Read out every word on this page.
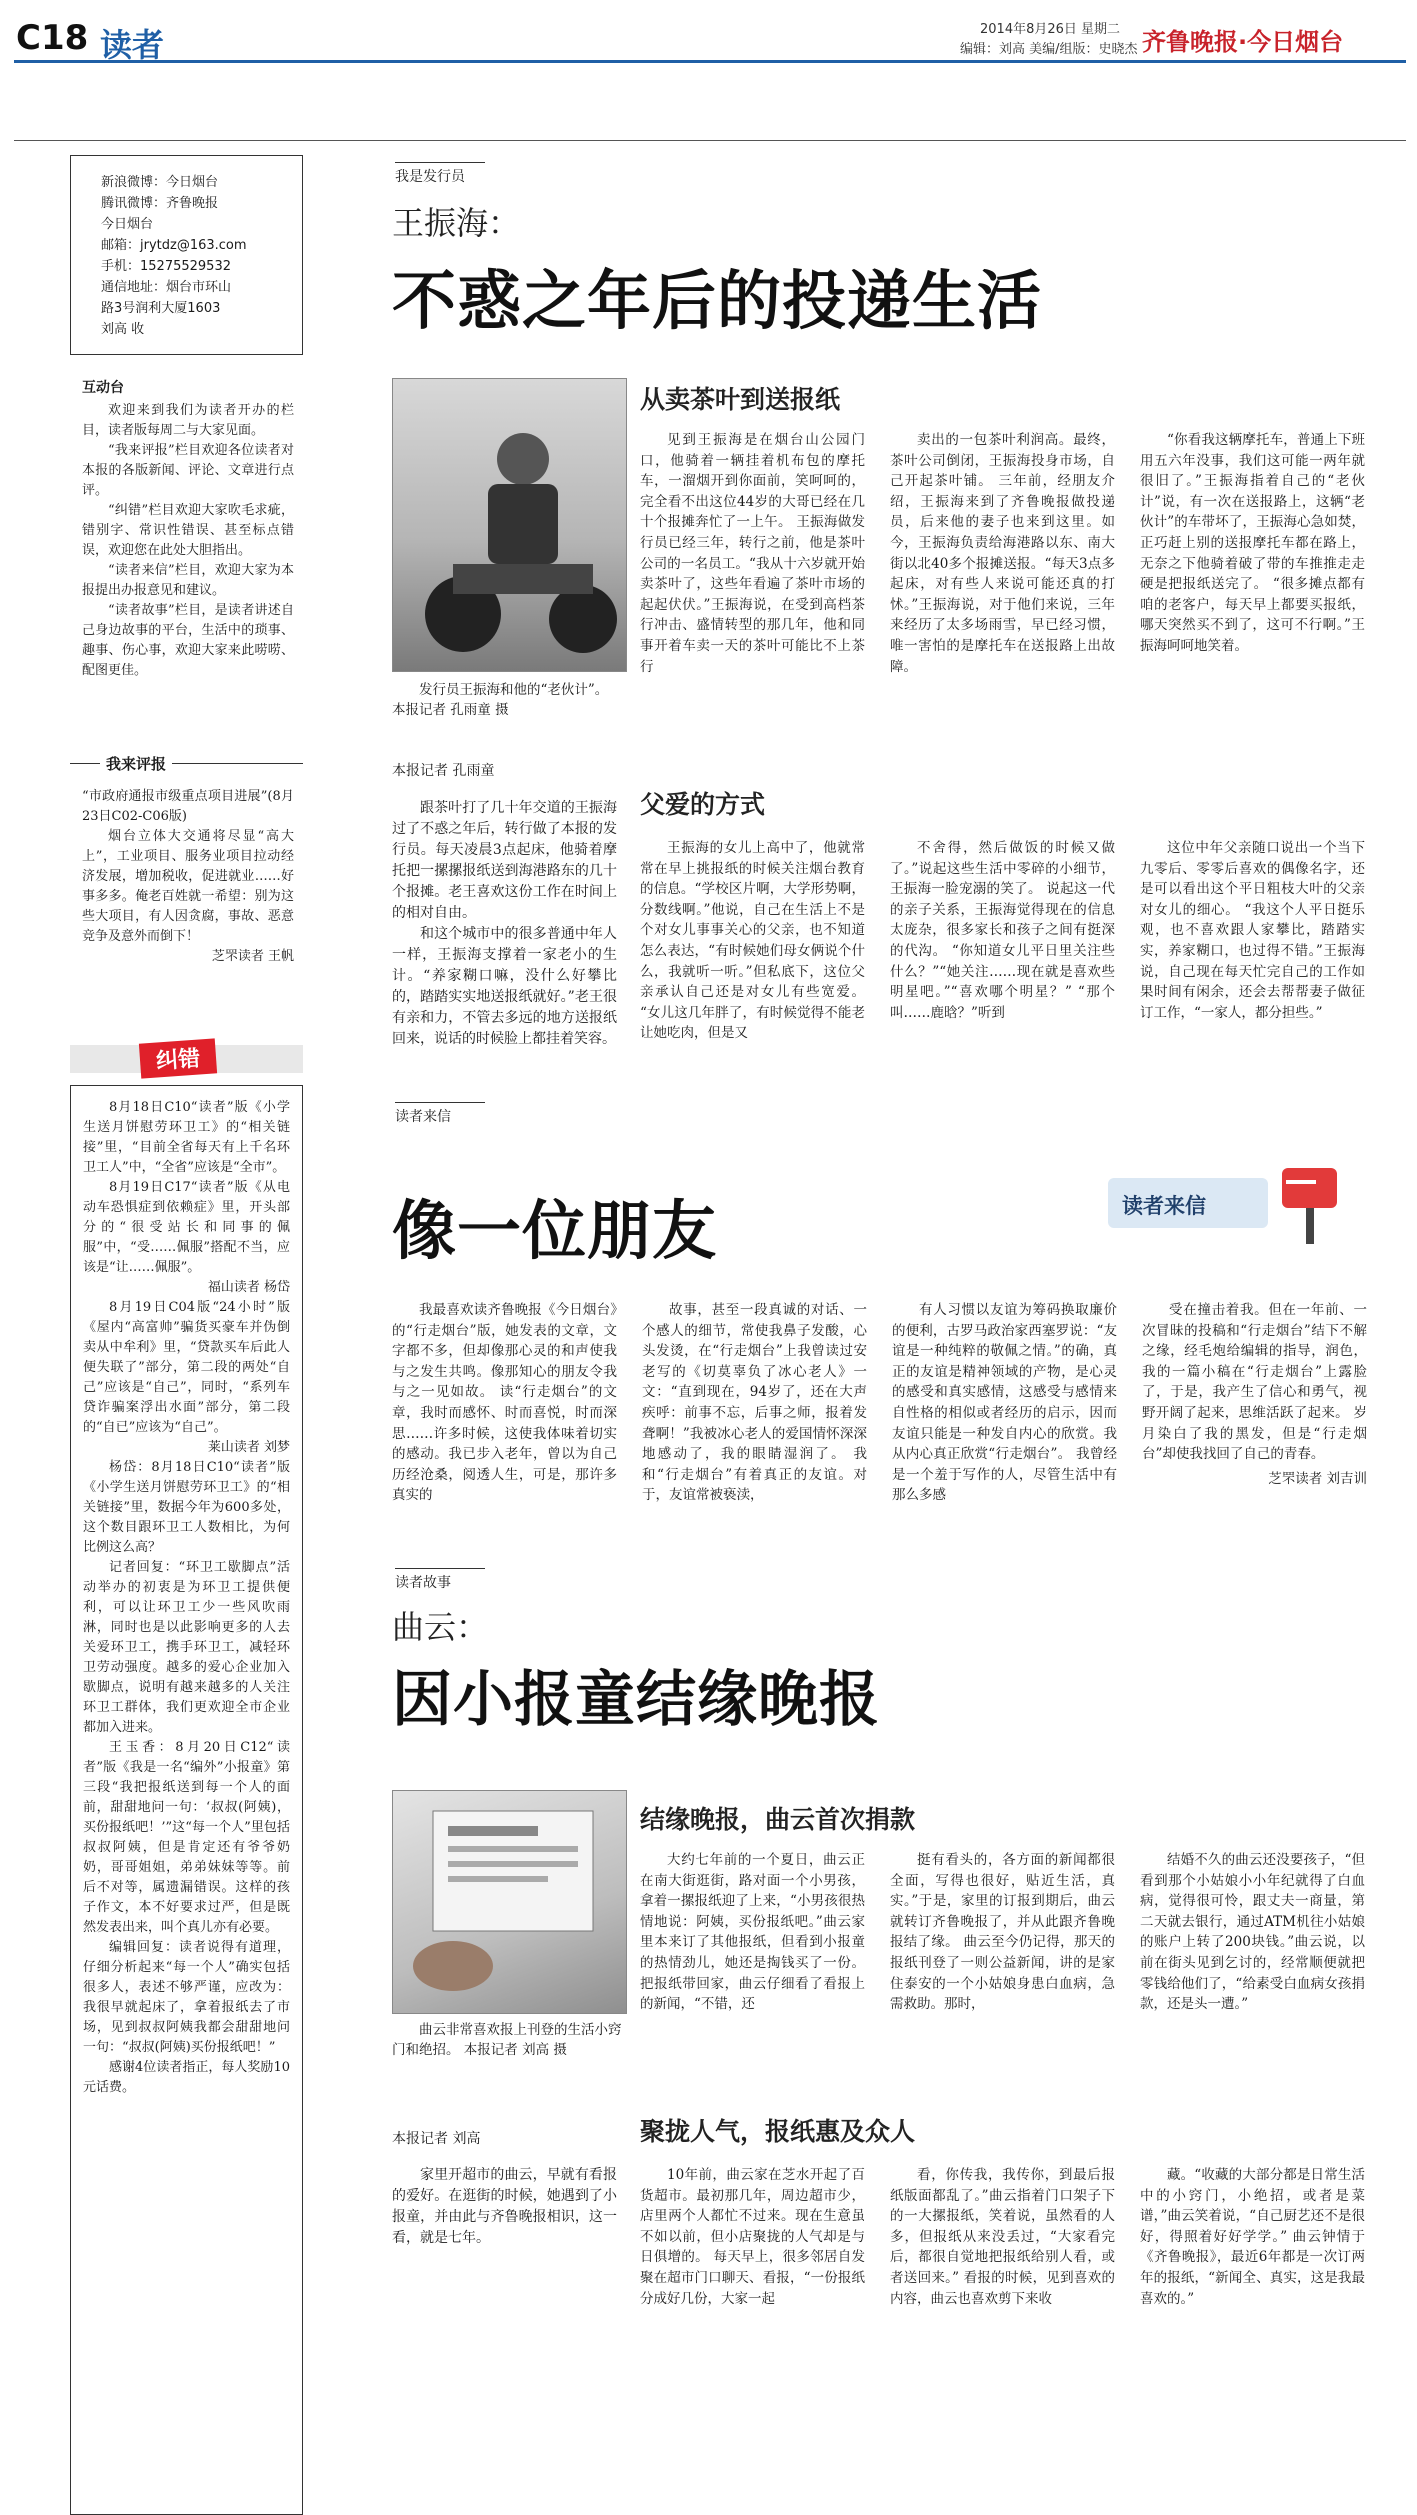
C18 读者	2014年8月26日 星期二
编辑：刘高 美编/组版：史晓杰 齐鲁晚报·今日烟台
新浪微博：今日烟台
腾讯微博：齐鲁晚报
今日烟台
邮箱：jrytdz@163.com
手机：15275529532
通信地址：烟台市环山
路3号润利大厦1603
刘高 收
互动台

欢迎来到我们为读者开办的栏目，读者版每周二与大家见面。

“我来评报”栏目欢迎各位读者对本报的各版新闻、评论、文章进行点评。

“纠错”栏目欢迎大家吹毛求疵，错别字、常识性错误、甚至标点错误，欢迎您在此处大胆指出。

“读者来信”栏目，欢迎大家为本报提出办报意见和建议。

“读者故事”栏目，是读者讲述自己身边故事的平台，生活中的琐事、趣事、伤心事，欢迎大家来此唠唠、配图更佳。

我来评报
“市政府通报市级重点项目进展”(8月23日C02-C06版)

烟台立体大交通将尽显“高大上”，工业项目、服务业项目拉动经济发展，增加税收，促进就业……好事多多。俺老百姓就一希望：别为这些大项目，有人因贪腐，事故、恶意竞争及意外而倒下！

芝罘读者 王帆
纠错

8月18日C10“读者”版《小学生送月饼慰劳环卫工》的“相关链接”里，“目前全省每天有上千名环卫工人”中，“全省”应该是“全市”。

8月19日C17“读者”版《从电动车恐惧症到依赖症》里，开头部分的“很受站长和同事的佩服”中，“受……佩服”搭配不当，应该是“让……佩服”。

福山读者 杨岱

8月19日C04版“24小时”版《屋内“高富帅”骗货买豪车并伪倒卖从中牟利》里，“贷款买车后此人便失联了”部分，第二段的两处“自己”应该是“自己”，同时，“系列车贷诈骗案浮出水面”部分，第二段的“自已”应该为“自己”。

莱山读者 刘梦

杨岱：8月18日C10“读者”版《小学生送月饼慰劳环卫工》的“相关链接”里，数据今年为600多处，这个数目跟环卫工人数相比，为何比例这么高？

记者回复：“环卫工歇脚点”活动举办的初衷是为环卫工提供便利，可以让环卫工少一些风吹雨淋，同时也是以此影响更多的人去关爱环卫工，携手环卫工，减轻环卫劳动强度。越多的爱心企业加入歇脚点，说明有越来越多的人关注环卫工群体，我们更欢迎全市企业都加入进来。

王玉香：8月20日C12“读者”版《我是一名“编外”小报童》第三段“我把报纸送到每一个人的面前，甜甜地问一句：‘叔叔(阿姨)，买份报纸吧！’”这“每一个人”里包括叔叔阿姨，但是肯定还有爷爷奶奶，哥哥姐姐，弟弟妹妹等等。前后不对等，属遗漏错误。这样的孩子作文，本不好要求过严，但是既然发表出来，叫个真儿亦有必要。

编辑回复：读者说得有道理，仔细分析起来“每一个人”确实包括很多人，表述不够严谨，应改为：我很早就起床了，拿着报纸去了市场，见到叔叔阿姨我都会甜甜地问一句：“叔叔(阿姨)买份报纸吧！”

感谢4位读者指正，每人奖励10元话费。

我是发行员
王振海：
不惑之年后的投递生活
发行员王振海和他的“老伙计”。 本报记者 孔雨童 摄
从卖茶叶到送报纸

见到王振海是在烟台山公园门口，他骑着一辆挂着机布包的摩托车，一溜烟开到你面前，笑呵呵的，完全看不出这位44岁的大哥已经在几十个报摊奔忙了一上午。 王振海做发行员已经三年，转行之前，他是茶叶公司的一名员工。“我从十六岁就开始卖茶叶了，这些年看遍了茶叶市场的起起伏伏。”王振海说，在受到高档茶行冲击、盛情转型的那几年，他和同事开着车卖一天的茶叶可能比不上茶行

卖出的一包茶叶利润高。最终，茶叶公司倒闭，王振海投身市场，自己开起茶叶铺。 三年前，经朋友介绍，王振海来到了齐鲁晚报做投递员，后来他的妻子也来到这里。如今，王振海负责给海港路以东、南大街以北40多个报摊送报。“每天3点多起床，对有些人来说可能还真的打怵。”王振海说，对于他们来说，三年来经历了太多场雨雪，早已经习惯，唯一害怕的是摩托车在送报路上出故障。

“你看我这辆摩托车，普通上下班用五六年没事，我们这可能一两年就很旧了。”王振海指着自己的“老伙计”说，有一次在送报路上，这辆“老伙计”的车带坏了，王振海心急如焚，正巧赶上别的送报摩托车都在路上，无奈之下他骑着破了带的车推推走走硬是把报纸送完了。 “很多摊点都有咱的老客户，每天早上都要买报纸，哪天突然买不到了，这可不行啊。”王振海呵呵地笑着。

本报记者 孔雨童

跟茶叶打了几十年交道的王振海过了不惑之年后，转行做了本报的发行员。每天凌晨3点起床，他骑着摩托把一摞摞报纸送到海港路东的几十个报摊。老王喜欢这份工作在时间上的相对自由。

和这个城市中的很多普通中年人一样，王振海支撑着一家老小的生计。“养家糊口嘛，没什么好攀比的，踏踏实实地送报纸就好。”老王很有亲和力，不管去多远的地方送报纸回来，说话的时候脸上都挂着笑容。

父爱的方式

王振海的女儿上高中了，他就常常在早上挑报纸的时候关注烟台教育的信息。“学校区片啊，大学形势啊，分数线啊。”他说，自己在生活上不是个对女儿事事关心的父亲，也不知道怎么表达，“有时候她们母女俩说个什么，我就听一听。”但私底下，这位父亲承认自己还是对女儿有些宽爱。 “女儿这几年胖了，有时候觉得不能老让她吃肉，但是又

不舍得，然后做饭的时候又做了。”说起这些生活中零碎的小细节，王振海一脸宠溺的笑了。 说起这一代的亲子关系，王振海觉得现在的信息太庞杂，很多家长和孩子之间有挺深的代沟。 “你知道女儿平日里关注些什么？”“她关注……现在就是喜欢些明星吧。”“喜欢哪个明星？” “那个叫……鹿晗？”听到

这位中年父亲随口说出一个当下九零后、零零后喜欢的偶像名字，还是可以看出这个平日粗枝大叶的父亲对女儿的细心。 “我这个人平日挺乐观，也不喜欢跟人家攀比，踏踏实实，养家糊口，也过得不错。”王振海说，自己现在每天忙完自己的工作如果时间有闲余，还会去帮帮妻子做征订工作，“一家人，都分担些。”

读者来信
像一位朋友	读者来信

我最喜欢读齐鲁晚报《今日烟台》的“行走烟台”版，她发表的文章，文字都不多，但却像那心灵的和声使我与之发生共鸣。像那知心的朋友令我与之一见如故。 读“行走烟台”的文章，我时而感怀、时而喜悦，时而深思……许多时候，这使我体味着切实的感动。我已步入老年，曾以为自己历经沧桑，阅透人生，可是，那许多真实的

故事，甚至一段真诚的对话、一个感人的细节，常使我鼻子发酸，心头发烫，在“行走烟台”上我曾读过安老写的《切莫辜负了冰心老人》一文：“直到现在，94岁了，还在大声疾呼：前事不忘，后事之师，报着发聋啊！”我被冰心老人的爱国情怀深深地感动了，我的眼睛湿润了。 我和“行走烟台”有着真正的友谊。对于，友谊常被亵渎，

有人习惯以友谊为筹码换取廉价的便利，古罗马政治家西塞罗说：“友谊是一种纯粹的敬佩之情。”的确，真正的友谊是精神领域的产物，是心灵的感受和真实感情，这感受与感情来自性格的相似或者经历的启示，因而友谊只能是一种发自内心的欣赏。我从内心真正欣赏“行走烟台”。 我曾经是一个羞于写作的人，尽管生活中有那么多感

受在撞击着我。但在一年前、一次冒昧的投稿和“行走烟台”结下不解之缘，经毛炮给编辑的指导，润色，我的一篇小稿在“行走烟台”上露脸了，于是，我产生了信心和勇气，视野开阔了起来，思维活跃了起来。 岁月染白了我的黑发，但是“行走烟台”却使我找回了自己的青春。

芝罘读者 刘吉训
读者故事
曲云：
因小报童结缘晚报
曲云非常喜欢报上刊登的生活小窍门和绝招。 本报记者 刘高 摄
结缘晚报，曲云首次捐款

大约七年前的一个夏日，曲云正在南大街逛街，路对面一个小男孩，拿着一摞报纸迎了上来，“小男孩很热情地说：阿姨，买份报纸吧。”曲云家里本来订了其他报纸，但看到小报童的热情劲儿，她还是掏钱买了一份。 把报纸带回家，曲云仔细看了看报上的新闻，“不错，还

挺有看头的，各方面的新闻都很全面，写得也很好，贴近生活，真实。”于是，家里的订报到期后，曲云就转订齐鲁晚报了，并从此跟齐鲁晚报结了缘。 曲云至今仍记得，那天的报纸刊登了一则公益新闻，讲的是家住泰安的一个小姑娘身患白血病，急需救助。那时，

结婚不久的曲云还没要孩子，“但看到那个小姑娘小小年纪就得了白血病，觉得很可怜，跟丈夫一商量，第二天就去银行，通过ATM机往小姑娘的账户上转了200块钱。”曲云说，以前在街头见到乞讨的，经常顺便就把零钱给他们了，“给素受白血病女孩捐款，还是头一遭。”

本报记者 刘高

家里开超市的曲云，早就有看报的爱好。在逛街的时候，她遇到了小报童，并由此与齐鲁晚报相识，这一看，就是七年。

聚拢人气，报纸惠及众人

10年前，曲云家在芝水开起了百货超市。最初那几年，周边超市少，店里两个人都忙不过来。现在生意虽不如以前，但小店聚拢的人气却是与日俱增的。 每天早上，很多邻居自发聚在超市门口聊天、看报，“一份报纸分成好几份，大家一起

看，你传我，我传你，到最后报纸版面都乱了。”曲云指着门口架子下的一大摞报纸，笑着说，虽然看的人多，但报纸从来没丢过，“大家看完后，都很自觉地把报纸给别人看，或者送回来。” 看报的时候，见到喜欢的内容，曲云也喜欢剪下来收

藏。“收藏的大部分都是日常生活中的小窍门，小绝招，或者是菜谱，”曲云笑着说，“自己厨艺还不是很好，得照着好好学学。” 曲云钟情于《齐鲁晚报》，最近6年都是一次订两年的报纸，“新闻全、真实，这是我最喜欢的。”
